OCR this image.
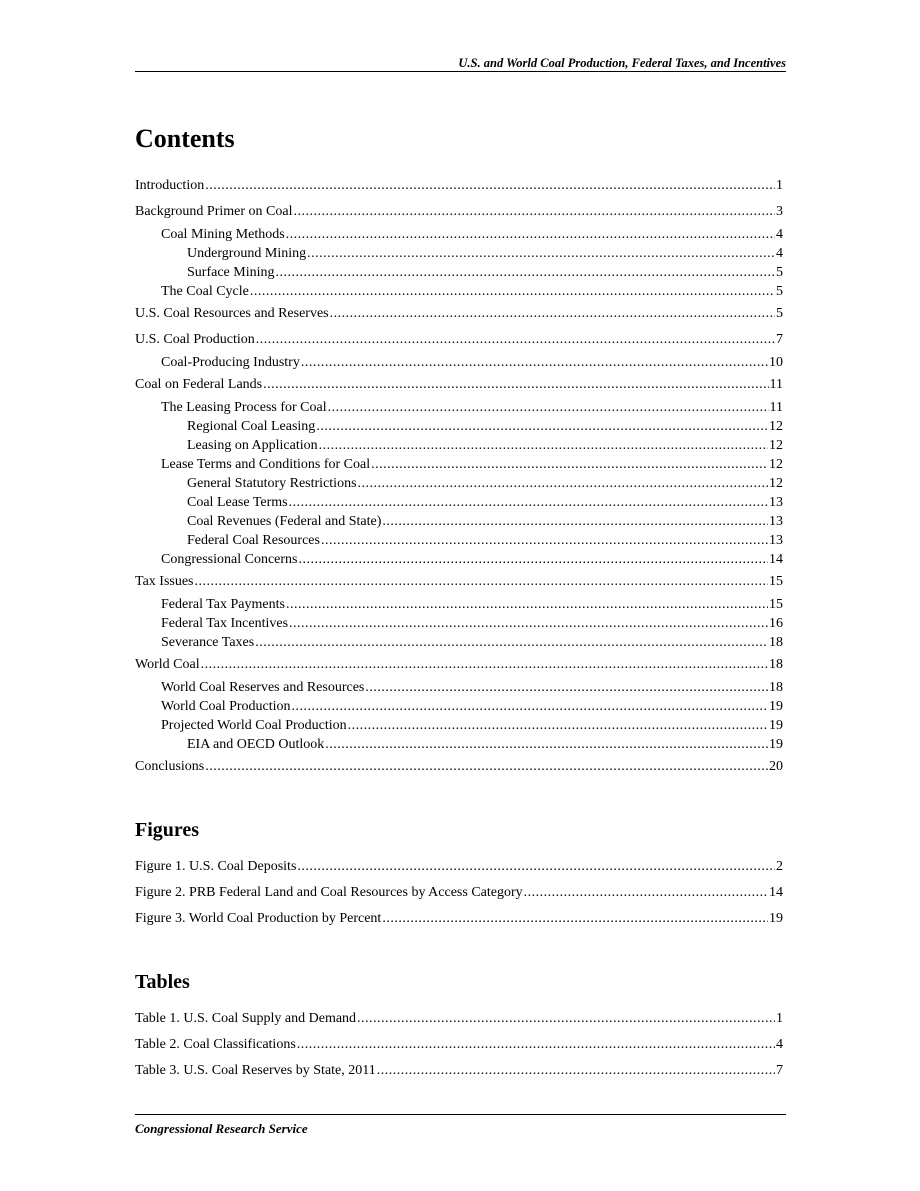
U.S. and World Coal Production, Federal Taxes, and Incentives
Contents
Introduction .....	1
Background Primer on Coal .....	3
Coal Mining Methods .....	4
Underground Mining .....	4
Surface Mining .....	5
The Coal Cycle .....	5
U.S. Coal Resources and Reserves .....	5
U.S. Coal Production .....	7
Coal-Producing Industry .....	10
Coal on Federal Lands .....	11
The Leasing Process for Coal .....	11
Regional Coal Leasing .....	12
Leasing on Application .....	12
Lease Terms and Conditions for Coal .....	12
General Statutory Restrictions .....	12
Coal Lease Terms .....	13
Coal Revenues (Federal and State) .....	13
Federal Coal Resources .....	13
Congressional Concerns .....	14
Tax Issues .....	15
Federal Tax Payments .....	15
Federal Tax Incentives .....	16
Severance Taxes .....	18
World Coal .....	18
World Coal Reserves and Resources .....	18
World Coal Production .....	19
Projected World Coal Production .....	19
EIA and OECD Outlook .....	19
Conclusions .....	20
Figures
Figure 1. U.S. Coal Deposits .....	2
Figure 2. PRB Federal Land and Coal Resources by Access Category .....	14
Figure 3. World Coal Production by Percent .....	19
Tables
Table 1. U.S. Coal Supply and Demand .....	1
Table 2. Coal Classifications .....	4
Table 3. U.S. Coal Reserves by State, 2011 .....	7
Congressional Research Service
